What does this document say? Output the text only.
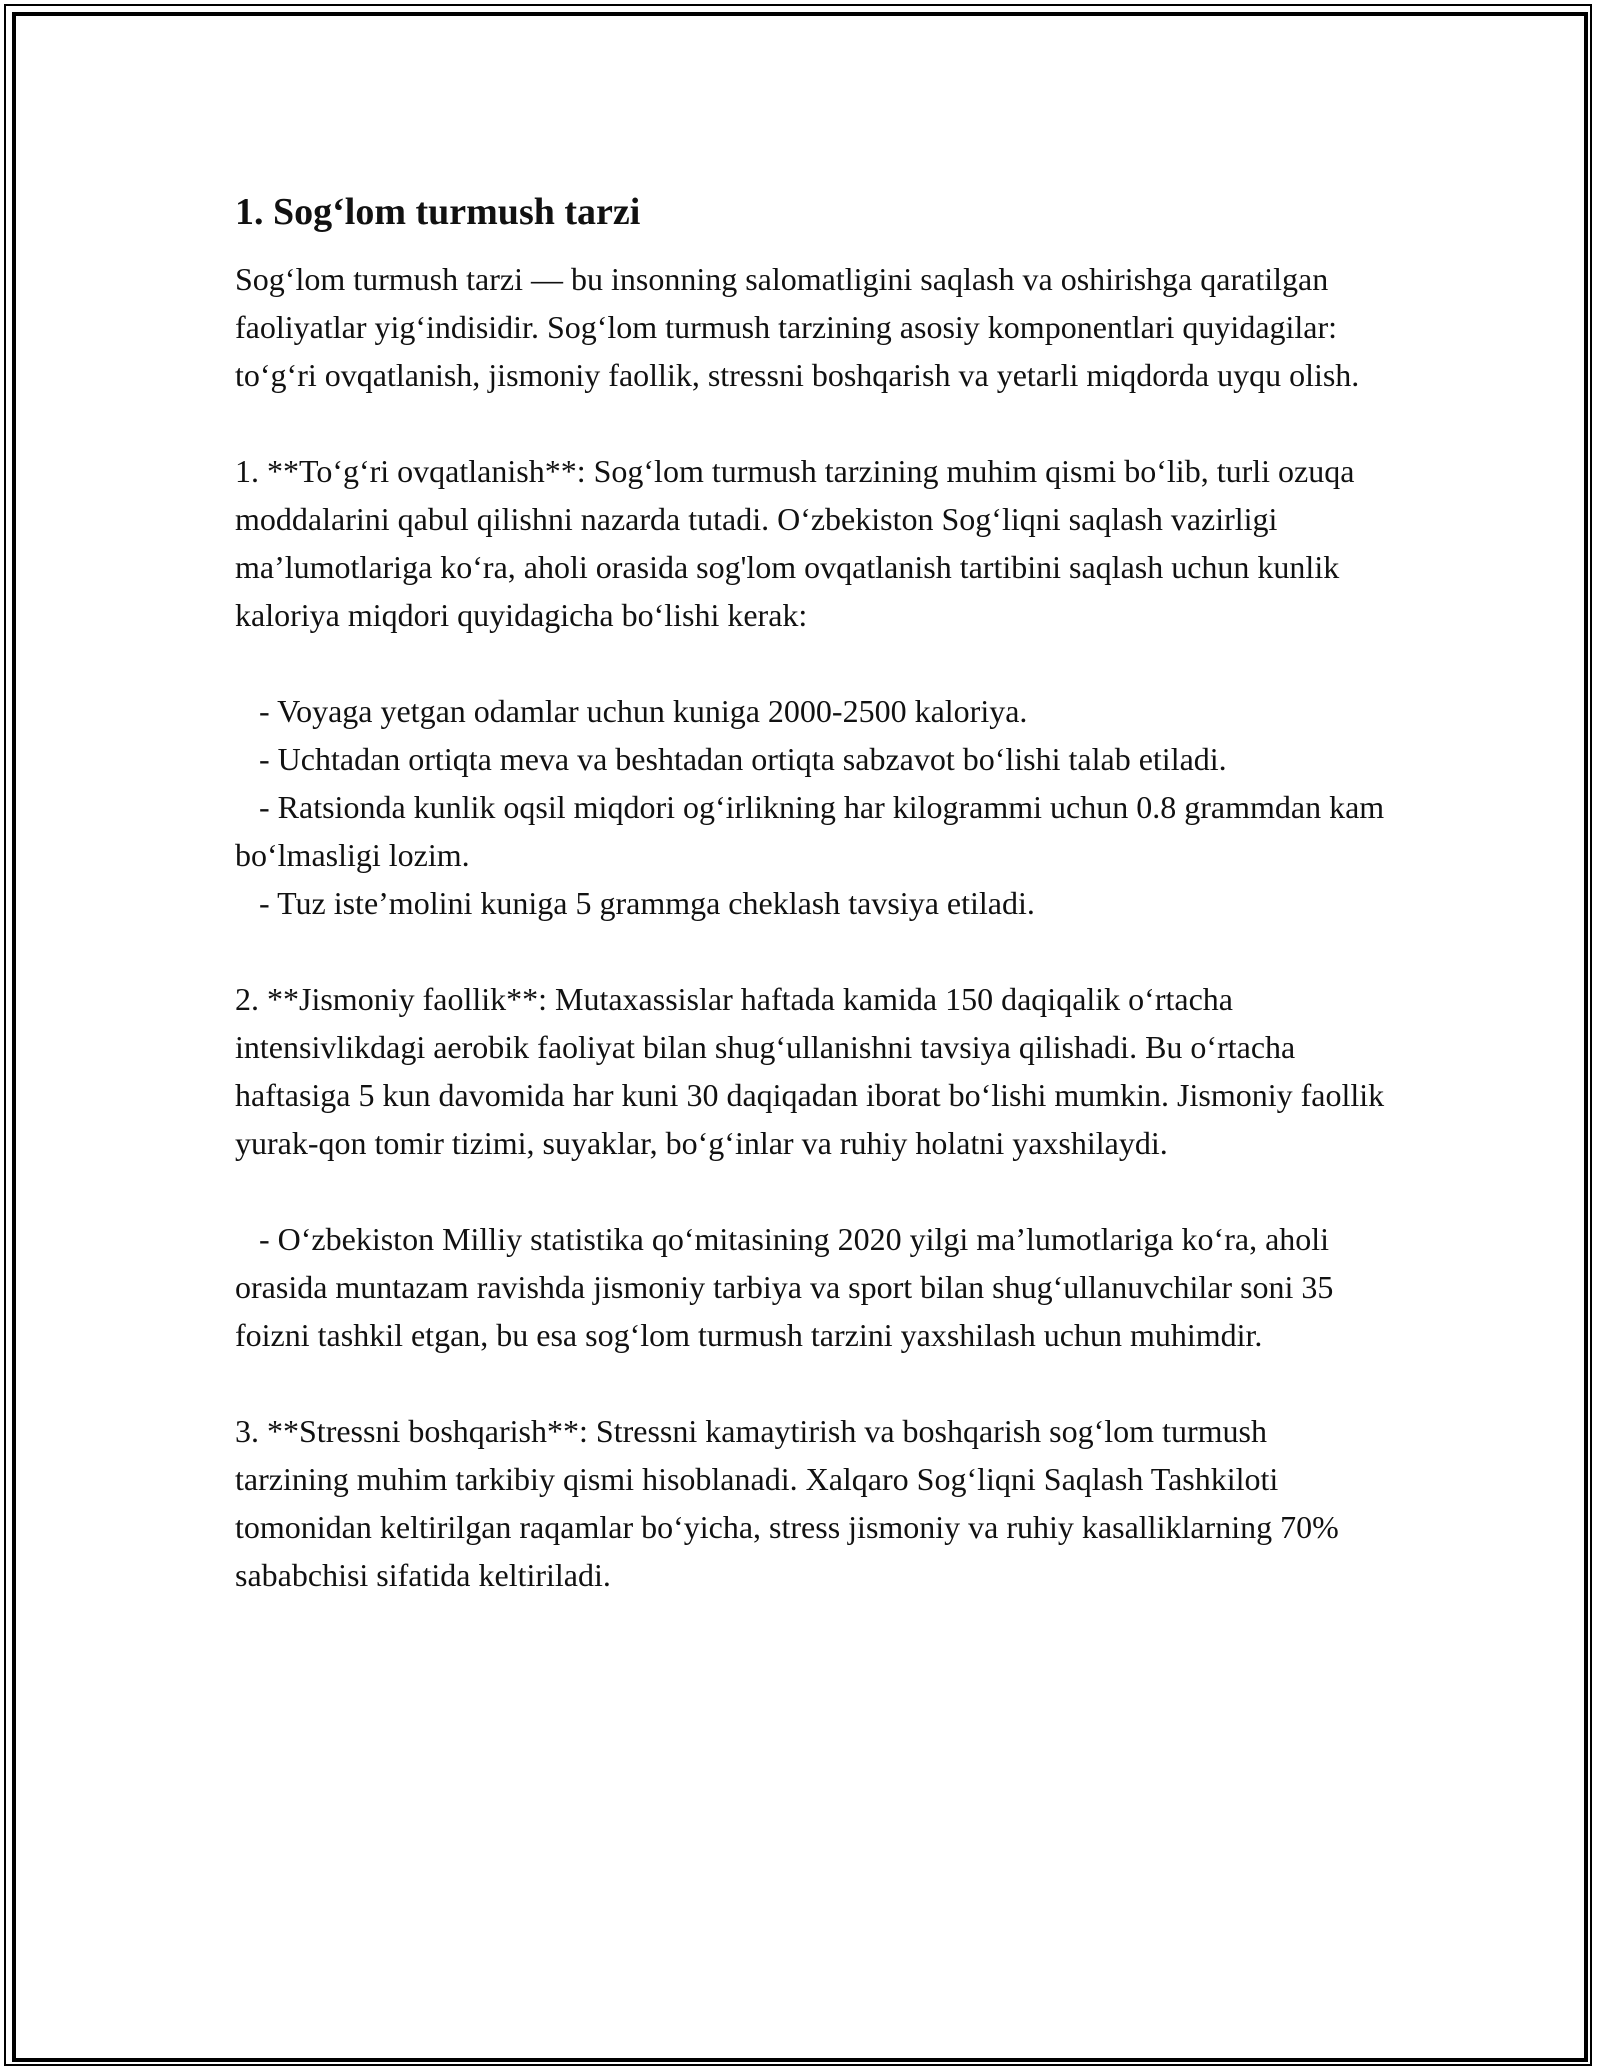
1. Sog‘lom turmush tarzi

Sog‘lom turmush tarzi — bu insonning salomatligini saqlash va oshirishga qaratilgan faoliyatlar yig‘indisidir. Sog‘lom turmush tarzining asosiy komponentlari quyidagilar: to‘g‘ri ovqatlanish, jismoniy faollik, stressni boshqarish va yetarli miqdorda uyqu olish.

1. **To‘g‘ri ovqatlanish**: Sog‘lom turmush tarzining muhim qismi bo‘lib, turli ozuqa moddalarini qabul qilishni nazarda tutadi. O‘zbekiston Sog‘liqni saqlash vazirligi ma’lumotlariga ko‘ra, aholi orasida sog'lom ovqatlanish tartibini saqlash uchun kunlik kaloriya miqdori quyidagicha bo‘lishi kerak:

- Voyaga yetgan odamlar uchun kuniga 2000-2500 kaloriya.

- Uchtadan ortiqta meva va beshtadan ortiqta sabzavot bo‘lishi talab etiladi.

- Ratsionda kunlik oqsil miqdori og‘irlikning har kilogrammi uchun 0.8 grammdan kam bo‘lmasligi lozim.

- Tuz iste’molini kuniga 5 grammga cheklash tavsiya etiladi.

2. **Jismoniy faollik**: Mutaxassislar haftada kamida 150 daqiqalik o‘rtacha intensivlikdagi aerobik faoliyat bilan shug‘ullanishni tavsiya qilishadi. Bu o‘rtacha haftasiga 5 kun davomida har kuni 30 daqiqadan iborat bo‘lishi mumkin. Jismoniy faollik yurak-qon tomir tizimi, suyaklar, bo‘g‘inlar va ruhiy holatni yaxshilaydi.

- O‘zbekiston Milliy statistika qo‘mitasining 2020 yilgi ma’lumotlariga ko‘ra, aholi orasida muntazam ravishda jismoniy tarbiya va sport bilan shug‘ullanuvchilar soni 35 foizni tashkil etgan, bu esa sog‘lom turmush tarzini yaxshilash uchun muhimdir.

3. **Stressni boshqarish**: Stressni kamaytirish va boshqarish sog‘lom turmush tarzining muhim tarkibiy qismi hisoblanadi. Xalqaro Sog‘liqni Saqlash Tashkiloti tomonidan keltirilgan raqamlar bo‘yicha, stress jismoniy va ruhiy kasalliklarning 70% sababchisi sifatida keltiriladi.
